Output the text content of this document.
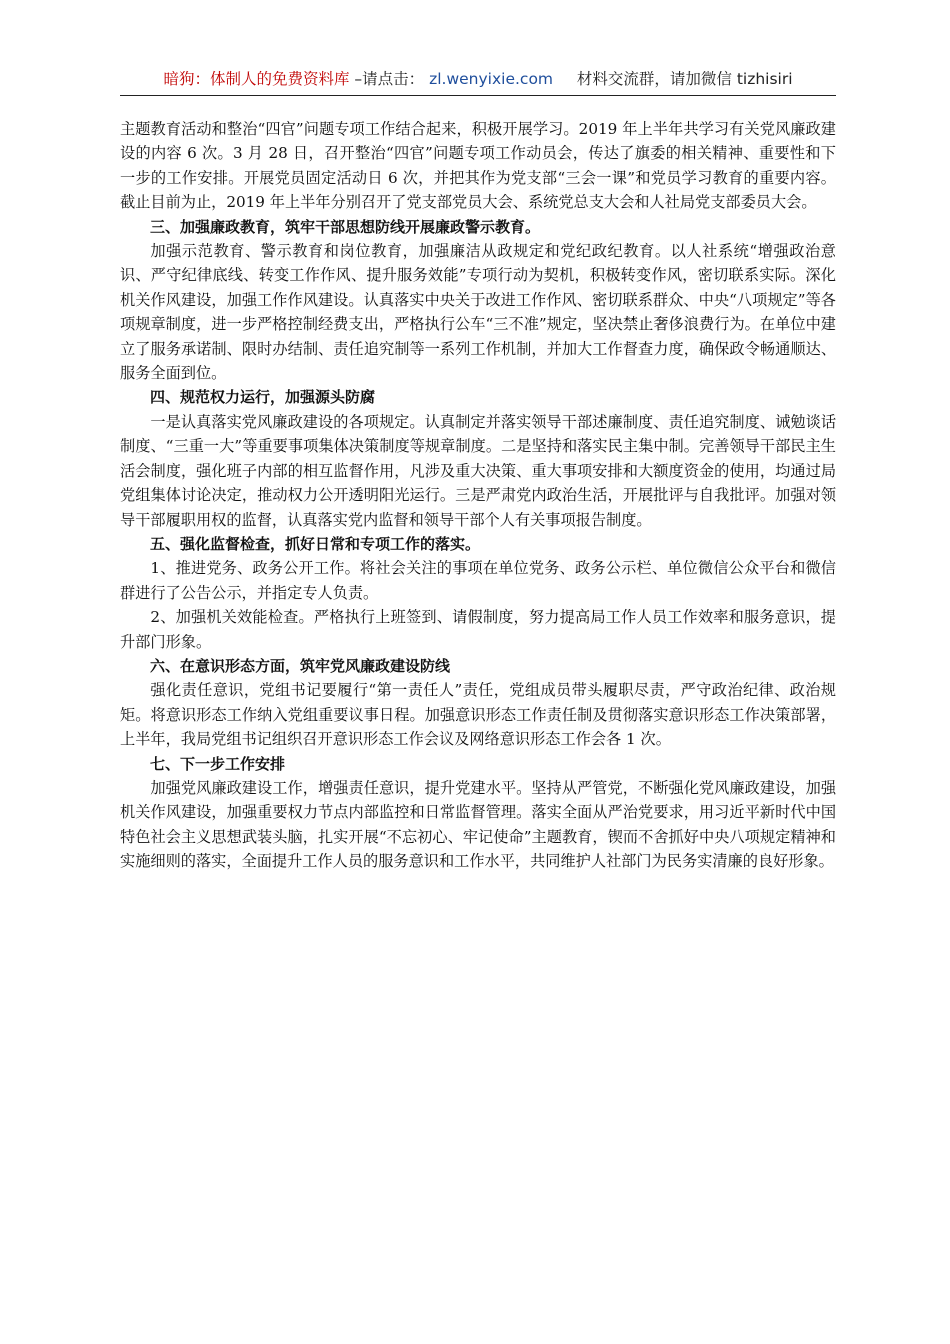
暗狗：体制人的免费资料库 –请点击： zl.wenyixie.com 材料交流群，请加微信 tizhisiri

主题教育活动和整治“四官”问题专项工作结合起来，积极开展学习。2019 年上半年共学习有关党风廉政建设的内容 6 次。3 月 28 日，召开整治“四官”问题专项工作动员会，传达了旗委的相关精神、重要性和下一步的工作安排。开展党员固定活动日 6 次，并把其作为党支部“三会一课”和党员学习教育的重要内容。截止目前为止，2019 年上半年分别召开了党支部党员大会、系统党总支大会和人社局党支部委员大会。

三、加强廉政教育，筑牢干部思想防线开展廉政警示教育。

加强示范教育、警示教育和岗位教育，加强廉洁从政规定和党纪政纪教育。以人社系统“增强政治意识、严守纪律底线、转变工作作风、提升服务效能”专项行动为契机，积极转变作风，密切联系实际。深化机关作风建设，加强工作作风建设。认真落实中央关于改进工作作风、密切联系群众、中央“八项规定”等各项规章制度，进一步严格控制经费支出，严格执行公车“三不准”规定，坚决禁止奢侈浪费行为。在单位中建立了服务承诺制、限时办结制、责任追究制等一系列工作机制，并加大工作督查力度，确保政令畅通顺达、服务全面到位。

四、规范权力运行，加强源头防腐

一是认真落实党风廉政建设的各项规定。认真制定并落实领导干部述廉制度、责任追究制度、诫勉谈话制度、“三重一大”等重要事项集体决策制度等规章制度。二是坚持和落实民主集中制。完善领导干部民主生活会制度，强化班子内部的相互监督作用，凡涉及重大决策、重大事项安排和大额度资金的使用，均通过局党组集体讨论决定，推动权力公开透明阳光运行。三是严肃党内政治生活，开展批评与自我批评。加强对领导干部履职用权的监督，认真落实党内监督和领导干部个人有关事项报告制度。

五、强化监督检查，抓好日常和专项工作的落实。

1、推进党务、政务公开工作。将社会关注的事项在单位党务、政务公示栏、单位微信公众平台和微信群进行了公告公示，并指定专人负责。

2、加强机关效能检查。严格执行上班签到、请假制度，努力提高局工作人员工作效率和服务意识，提升部门形象。

六、在意识形态方面，筑牢党风廉政建设防线

强化责任意识，党组书记要履行“第一责任人”责任，党组成员带头履职尽责，严守政治纪律、政治规矩。将意识形态工作纳入党组重要议事日程。加强意识形态工作责任制及贯彻落实意识形态工作决策部署，上半年，我局党组书记组织召开意识形态工作会议及网络意识形态工作会各 1 次。

七、下一步工作安排

加强党风廉政建设工作，增强责任意识，提升党建水平。坚持从严管党，不断强化党风廉政建设，加强机关作风建设，加强重要权力节点内部监控和日常监督管理。落实全面从严治党要求，用习近平新时代中国特色社会主义思想武装头脑，扎实开展“不忘初心、牢记使命”主题教育，锲而不舍抓好中央八项规定精神和实施细则的落实，全面提升工作人员的服务意识和工作水平，共同维护人社部门为民务实清廉的良好形象。
